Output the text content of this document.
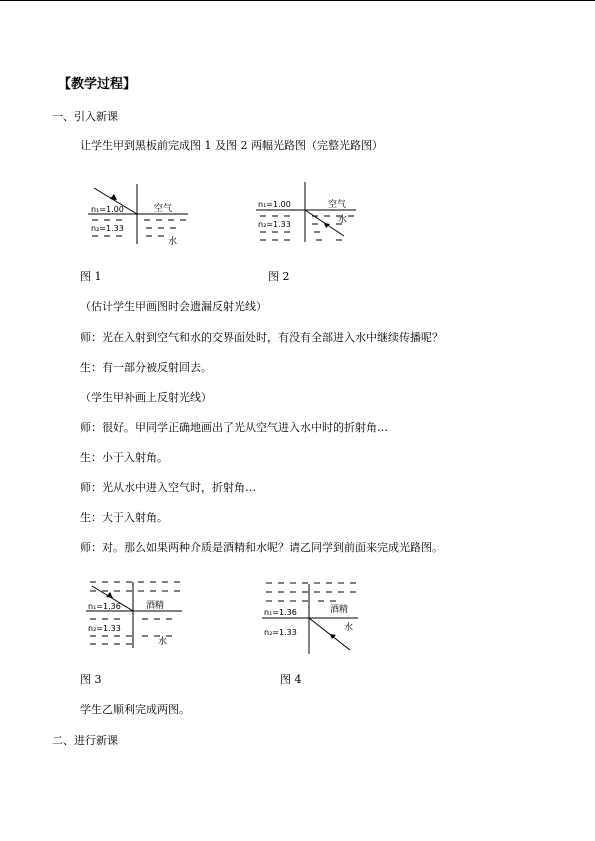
【教学过程】
一、引入新课
让学生甲到黑板前完成图 1 及图 2 两幅光路图（完整光路图）
n₁=1.00
n₂=1.33
空气
水
n₁=1.00
n₂=1.33
空气
水
图 1	图 2
（估计学生甲画图时会遗漏反射光线）
师：光在入射到空气和水的交界面处时，有没有全部进入水中继续传播呢？
生：有一部分被反射回去。
（学生甲补画上反射光线）
师：很好。甲同学正确地画出了光从空气进入水中时的折射角…
生：小于入射角。
师：光从水中进入空气时，折射角…
生：大于入射角。
师：对。那么如果两种介质是酒精和水呢？请乙同学到前面来完成光路图。
n₁=1.36
n₂=1.33
酒精
水
n₁=1.36
n₂=1.33
酒精
水
图 3	图 4
学生乙顺利完成两图。
二、进行新课
